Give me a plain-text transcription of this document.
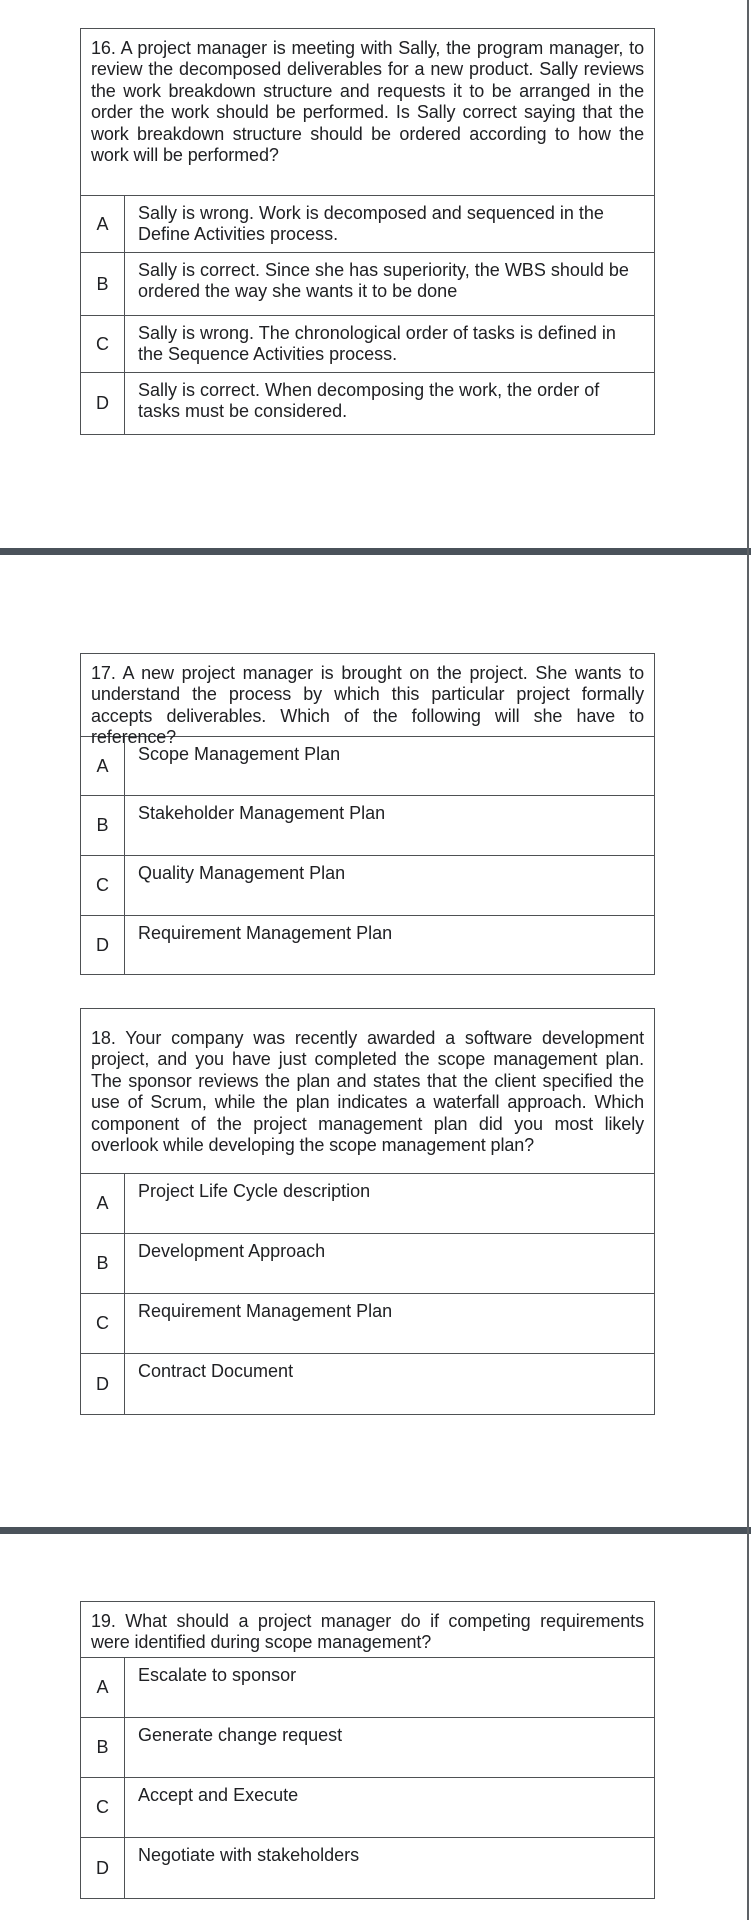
16. A project manager is meeting with Sally, the program manager, to review the decomposed deliverables for a new product. Sally reviews the work breakdown structure and requests it to be arranged in the order the work should be performed. Is Sally correct saying that the work breakdown structure should be ordered according to how the work will be performed?
A
Sally is wrong. Work is decomposed and sequenced in the Define Activities process.
B
Sally is correct. Since she has superiority, the WBS should be ordered the way she wants it to be done
C
Sally is wrong. The chronological order of tasks is defined in the Sequence Activities process.
D
Sally is correct. When decomposing the work, the order of tasks must be considered.
17. A new project manager is brought on the project. She wants to understand the process by which this particular project formally accepts deliverables. Which of the following will she have to reference?
A
Scope Management Plan
B
Stakeholder Management Plan
C
Quality Management Plan
D
Requirement Management Plan
18. Your company was recently awarded a software development project, and you have just completed the scope management plan. The sponsor reviews the plan and states that the client specified the use of Scrum, while the plan indicates a waterfall approach. Which component of the project management plan did you most likely overlook while developing the scope management plan?
A
Project Life Cycle description
B
Development Approach
C
Requirement Management Plan
D
Contract Document
19. What should a project manager do if competing requirements were identified during scope management?
A
Escalate to sponsor
B
Generate change request
C
Accept and Execute
D
Negotiate with stakeholders
